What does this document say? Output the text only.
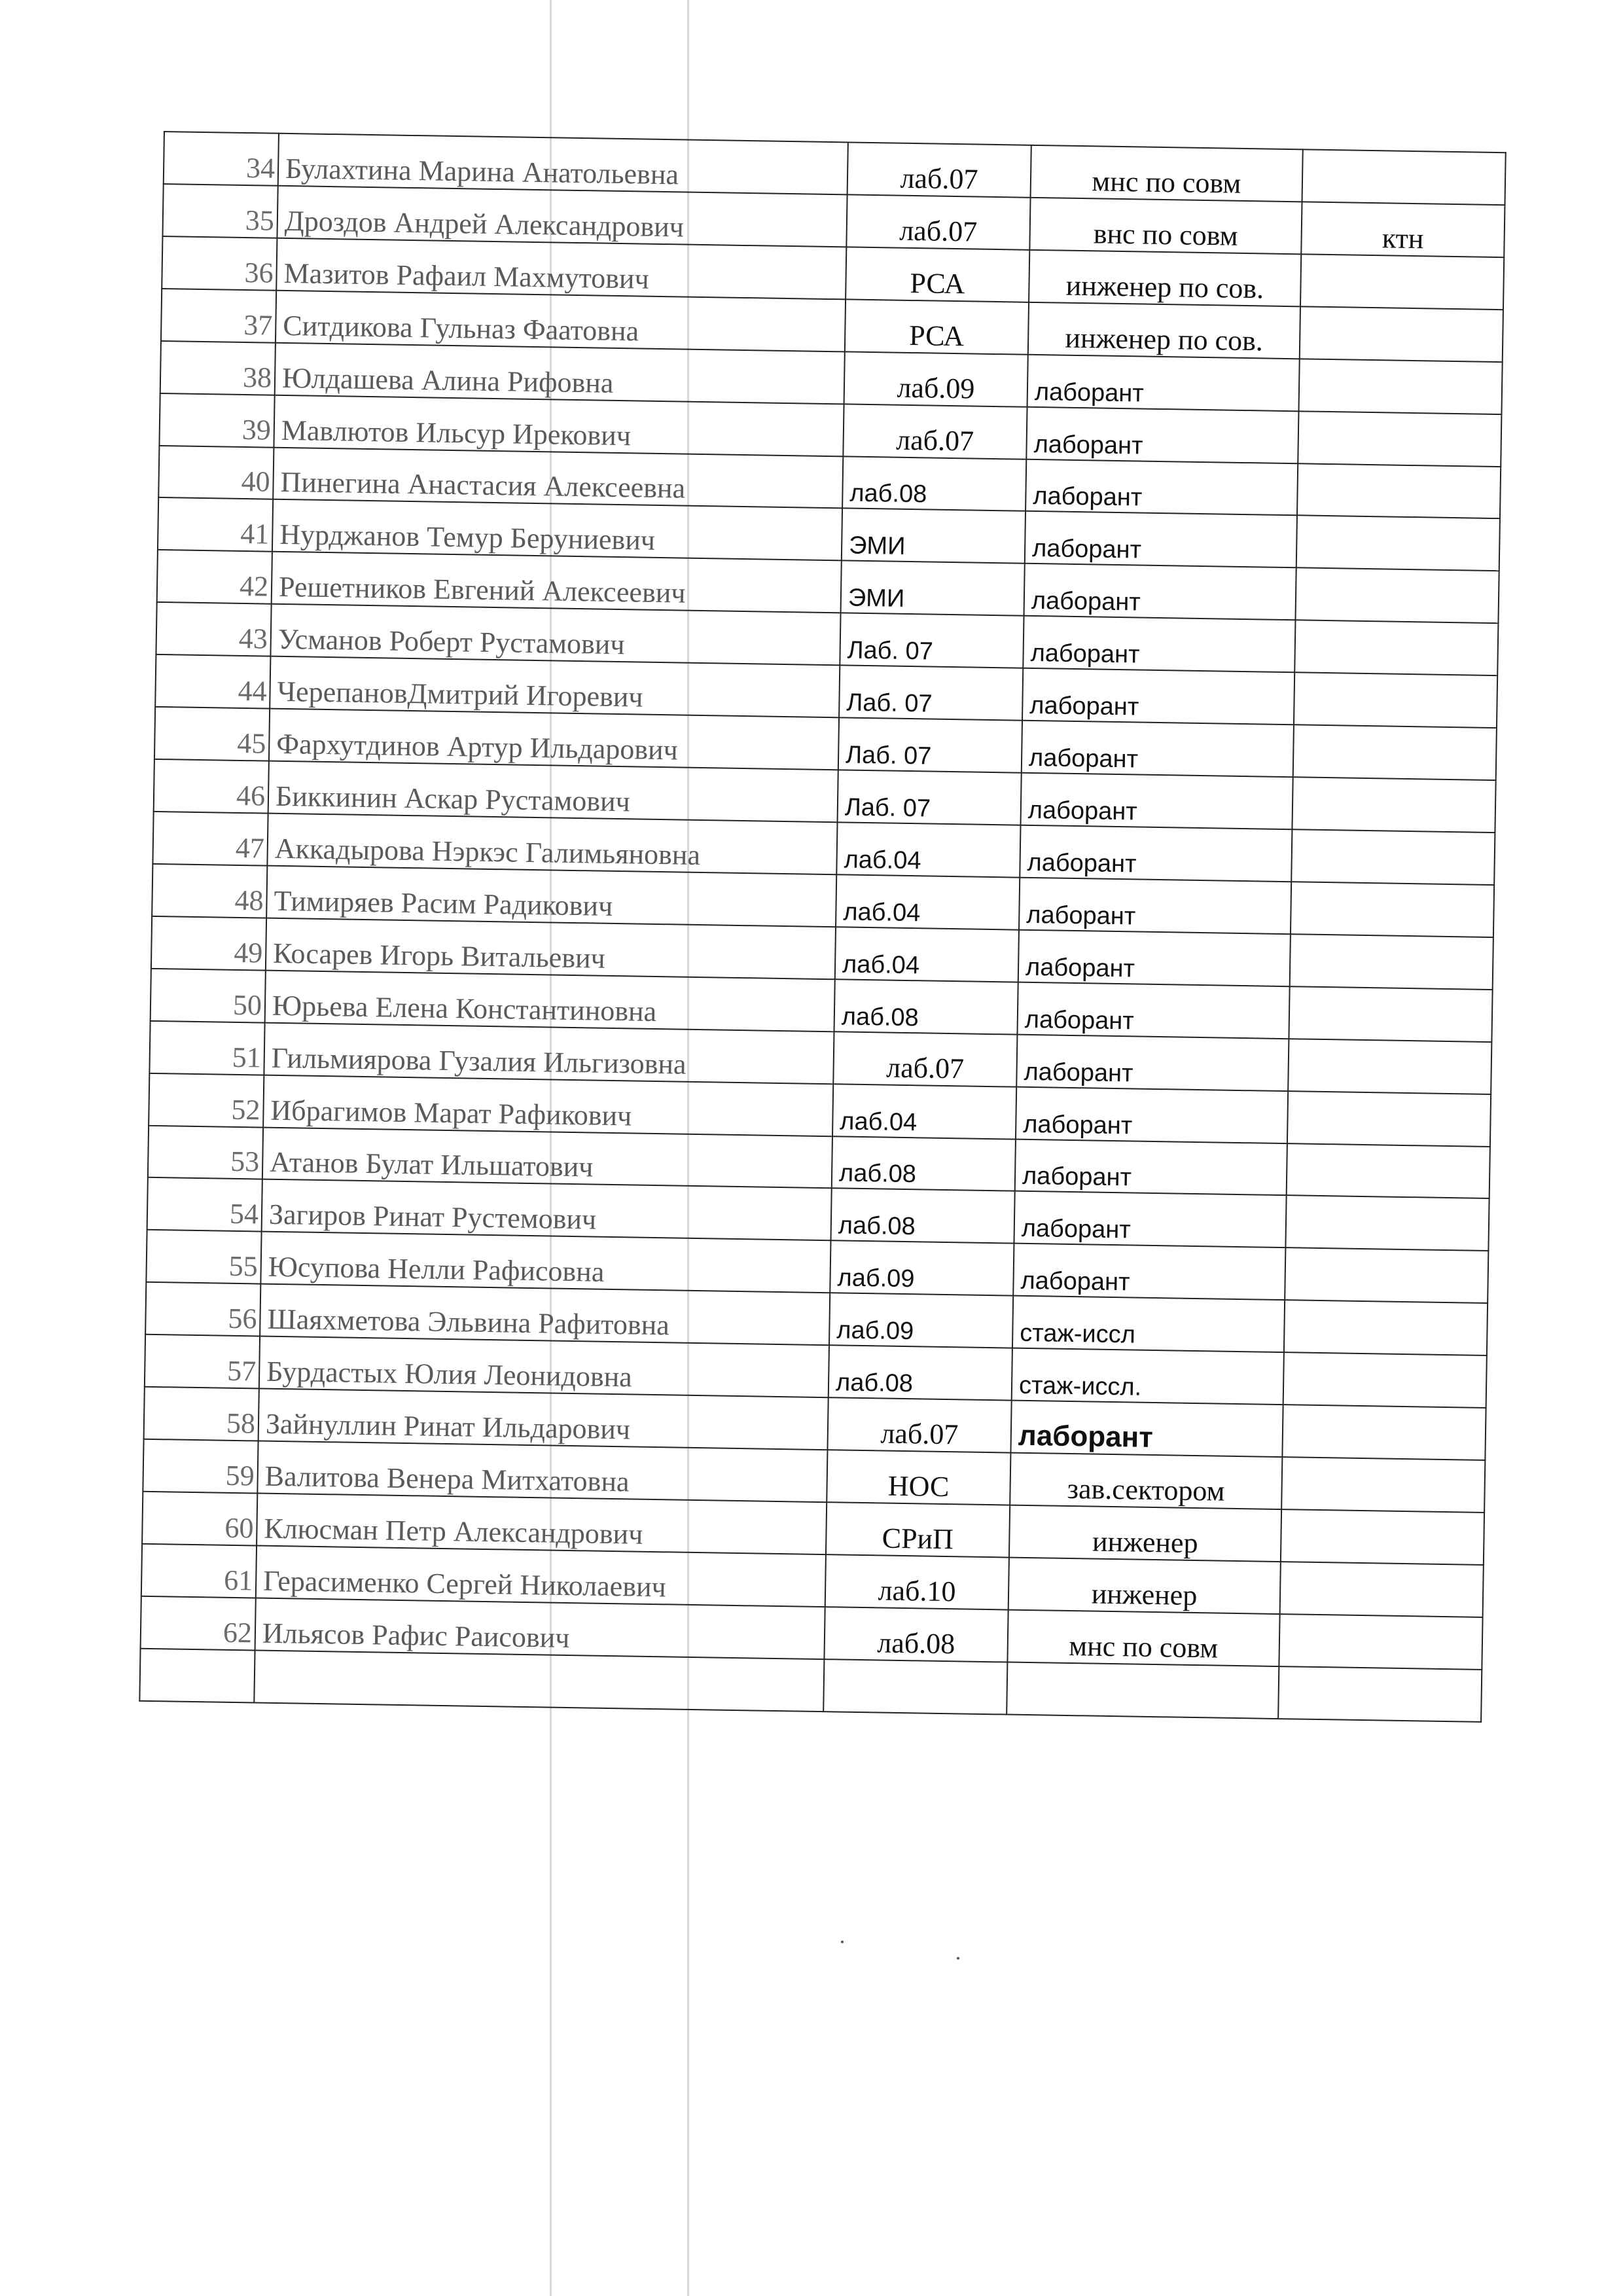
34	Булахтина Марина Анатольевна	лаб.07	мнс по совм	
35	Дроздов Андрей Александрович	лаб.07	внс по совм	ктн
36	Мазитов Рафаил Махмутович	РСА	инженер по сов.	
37	Ситдикова Гульназ Фаатовна	РСА	инженер по сов.	
38	Юлдашева Алина Рифовна	лаб.09	лаборант	
39	Мавлютов Ильсур Ирекович	лаб.07	лаборант	
40	Пинегина Анастасия Алексеевна	лаб.08	лаборант	
41	Нурджанов Темур Беруниевич	ЭМИ	лаборант	
42	Решетников Евгений Алексеевич	ЭМИ	лаборант	
43	Усманов Роберт Рустамович	Лаб. 07	лаборант	
44	ЧерепановДмитрий Игоревич	Лаб. 07	лаборант	
45	Фархутдинов Артур Ильдарович	Лаб. 07	лаборант	
46	Биккинин Аскар Рустамович	Лаб. 07	лаборант	
47	Аккадырова Нэркэс Галимьяновна	лаб.04	лаборант	
48	Тимиряев Расим Радикович	лаб.04	лаборант	
49	Косарев Игорь Витальевич	лаб.04	лаборант	
50	Юрьева Елена Константиновна	лаб.08	лаборант	
51	Гильмиярова Гузалия Ильгизовна	лаб.07	лаборант	
52	Ибрагимов Марат Рафикович	лаб.04	лаборант	
53	Атанов Булат Ильшатович	лаб.08	лаборант	
54	Загиров Ринат Рустемович	лаб.08	лаборант	
55	Юсупова Нелли Рафисовна	лаб.09	лаборант	
56	Шаяхметова Эльвина Рафитовна	лаб.09	стаж-иссл	
57	Бурдастых Юлия Леонидовна	лаб.08	стаж-иссл.	
58	Зайнуллин Ринат Ильдарович	лаб.07	лаборант	
59	Валитова Венера Митхатовна	НОС	зав.сектором	
60	Клюсман Петр Александрович	СРиП	инженер	
61	Герасименко Сергей Николаевич	лаб.10	инженер	
62	Ильясов Рафис Раисович	лаб.08	мнс по совм	
